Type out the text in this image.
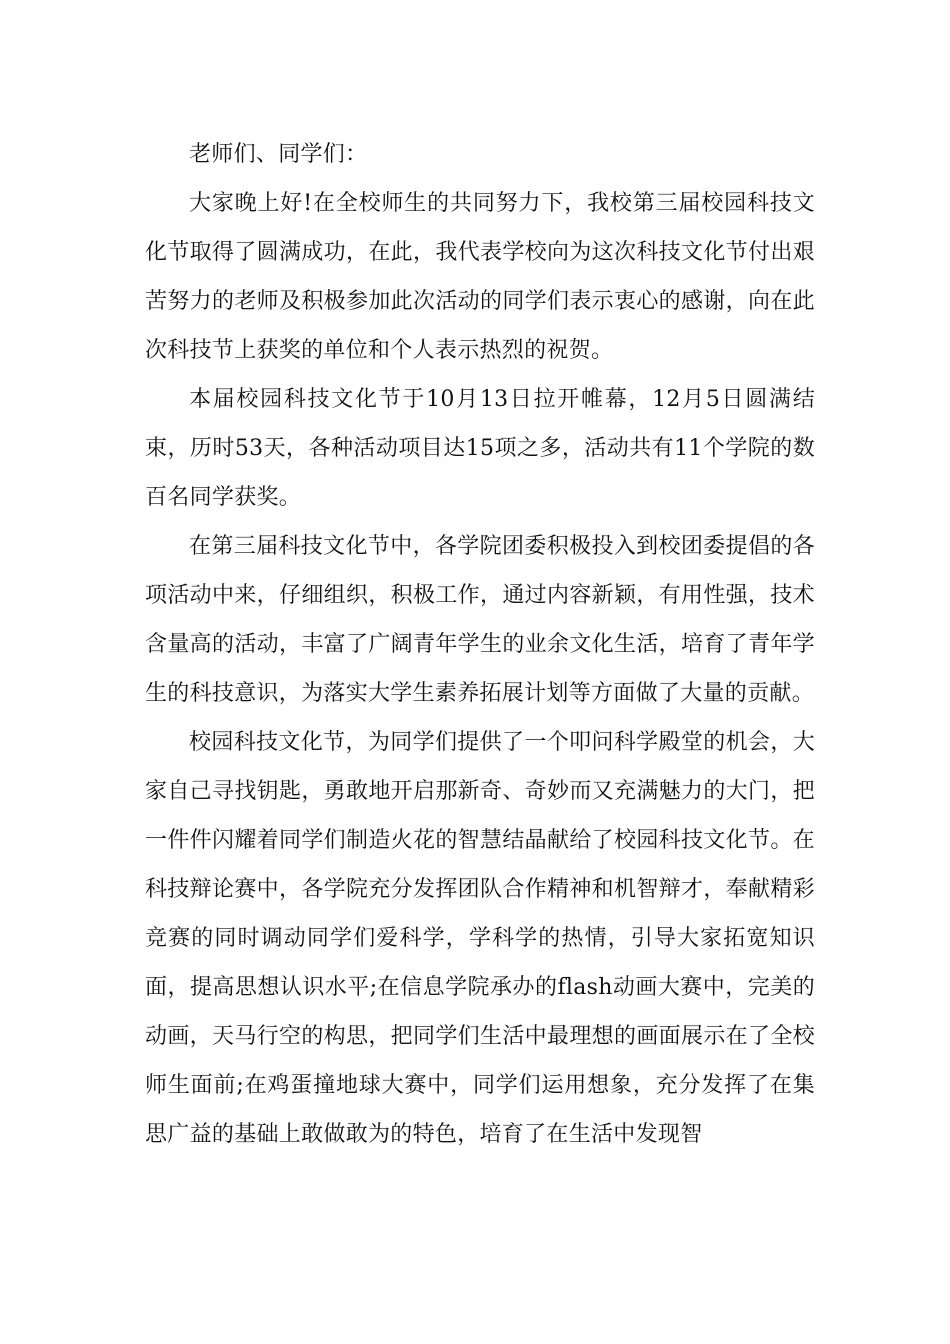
老师们、同学们：

大家晚上好!在全校师生的共同努力下，我校第三届校园科技文化节取得了圆满成功，在此，我代表学校向为这次科技文化节付出艰苦努力的老师及积极参加此次活动的同学们表示衷心的感谢，向在此次科技节上获奖的单位和个人表示热烈的祝贺。

本届校园科技文化节于10月13日拉开帷幕，12月5日圆满结束，历时53天，各种活动项目达15项之多，活动共有11个学院的数百名同学获奖。

在第三届科技文化节中，各学院团委积极投入到校团委提倡的各项活动中来，仔细组织，积极工作，通过内容新颖，有用性强，技术含量高的活动，丰富了广阔青年学生的业余文化生活，培育了青年学生的科技意识，为落实大学生素养拓展计划等方面做了大量的贡献。

校园科技文化节，为同学们提供了一个叩问科学殿堂的机会，大家自己寻找钥匙，勇敢地开启那新奇、奇妙而又充满魅力的大门，把一件件闪耀着同学们制造火花的智慧结晶献给了校园科技文化节。在科技辩论赛中，各学院充分发挥团队合作精神和机智辩才，奉献精彩竞赛的同时调动同学们爱科学，学科学的热情，引导大家拓宽知识面，提高思想认识水平;在信息学院承办的flash动画大赛中，完美的动画，天马行空的构思，把同学们生活中最理想的画面展示在了全校师生面前;在鸡蛋撞地球大赛中，同学们运用想象，充分发挥了在集思广益的基础上敢做敢为的特色，培育了在生活中发现智
